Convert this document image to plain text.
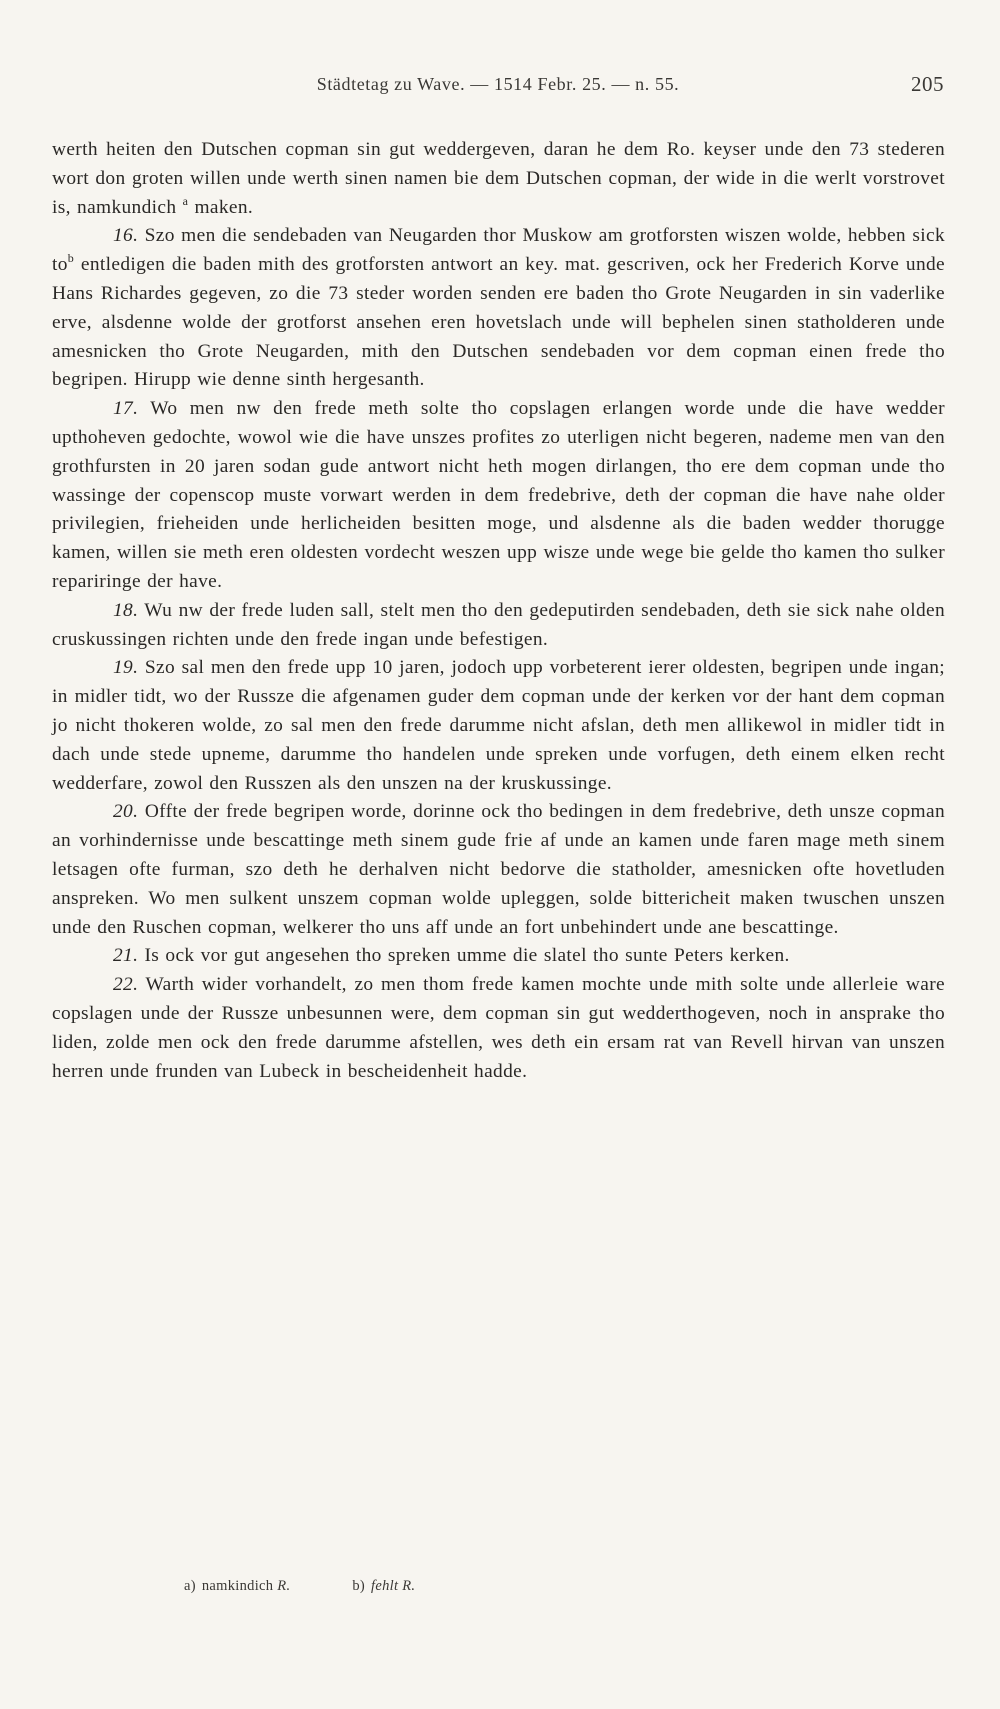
Städtetag zu Wave. — 1514 Febr. 25. — n. 55.	205

werth heiten den Dutschen copman sin gut weddergeven, daran he dem Ro. keyser unde den 73 stederen wort don groten willen unde werth sinen namen bie dem Dutschen copman, der wide in die werlt vorstrovet is, namkundich $^a$ maken.

16. Szo men die sendebaden van Neugarden thor Muskow am grotforsten wiszen wolde, hebben sick $to^b$ entledigen die baden mith des grotforsten antwort an key. mat. gescriven, ock her Frederich Korve unde Hans Richardes gegeven, zo die 73 steder worden senden ere baden tho Grote Neugarden in sin vaderlike erve, alsdenne wolde der grotforst ansehen eren hovetslach unde will bephelen sinen statholderen unde amesnicken tho Grote Neugarden, mith den Dutschen sendebaden vor dem copman einen frede tho begripen. Hirupp wie denne sinth hergesanth.

17. Wo men nw den frede meth solte tho copslagen erlangen worde unde die have wedder upthoheven gedochte, wowol wie die have unszes profites zo uterligen nicht begeren, nademe men van den grothfursten in 20 jaren sodan gude antwort nicht heth mogen dirlangen, tho ere dem copman unde tho wassinge der copenscop muste vorwart werden in dem fredebrive, deth der copman die have nahe older privilegien, frieheiden unde herlicheiden besitten moge, und alsdenne als die baden wedder thorugge kamen, willen sie meth eren oldesten vordecht weszen upp wisze unde wege bie gelde tho kamen tho sulker repariringe der have.

18. Wu nw der frede luden sall, stelt men tho den gedeputirden sendebaden, deth sie sick nahe olden cruskussingen richten unde den frede ingan unde befestigen.

19. Szo sal men den frede upp 10 jaren, jodoch upp vorbeterent ierer oldesten, begripen unde ingan; in midler tidt, wo der Russze die afgenamen guder dem copman unde der kerken vor der hant dem copman jo nicht thokeren wolde, zo sal men den frede darumme nicht afslan, deth men allikewol in midler tidt in dach unde stede upneme, darumme tho handelen unde spreken unde vorfugen, deth einem elken recht wedderfare, zowol den Russzen als den unszen na der kruskussinge.

20. Offte der frede begripen worde, dorinne ock tho bedingen in dem fredebrive, deth unsze copman an vorhindernisse unde bescattinge meth sinem gude frie af unde an kamen unde faren mage meth sinem letsagen ofte furman, szo deth he derhalven nicht bedorve die statholder, amesnicken ofte hovetluden anspreken. Wo men sulkent unszem copman wolde upleggen, solde bittericheit maken twuschen unszen unde den Ruschen copman, welkerer tho uns aff unde an fort unbehindert unde ane bescattinge.

21. Is ock vor gut angesehen tho spreken umme die slatel tho sunte Peters kerken.

22. Warth wider vorhandelt, zo men thom frede kamen mochte unde mith solte unde allerleie ware copslagen unde der Russze unbesunnen were, dem copman sin gut wedderthogeven, noch in ansprake tho liden, zolde men ock den frede darumme afstellen, wes deth ein ersam rat van Revell hirvan van unszen herren unde frunden van Lubeck in bescheidenheit hadde.

a) namkindich R.	b) fehlt R.
